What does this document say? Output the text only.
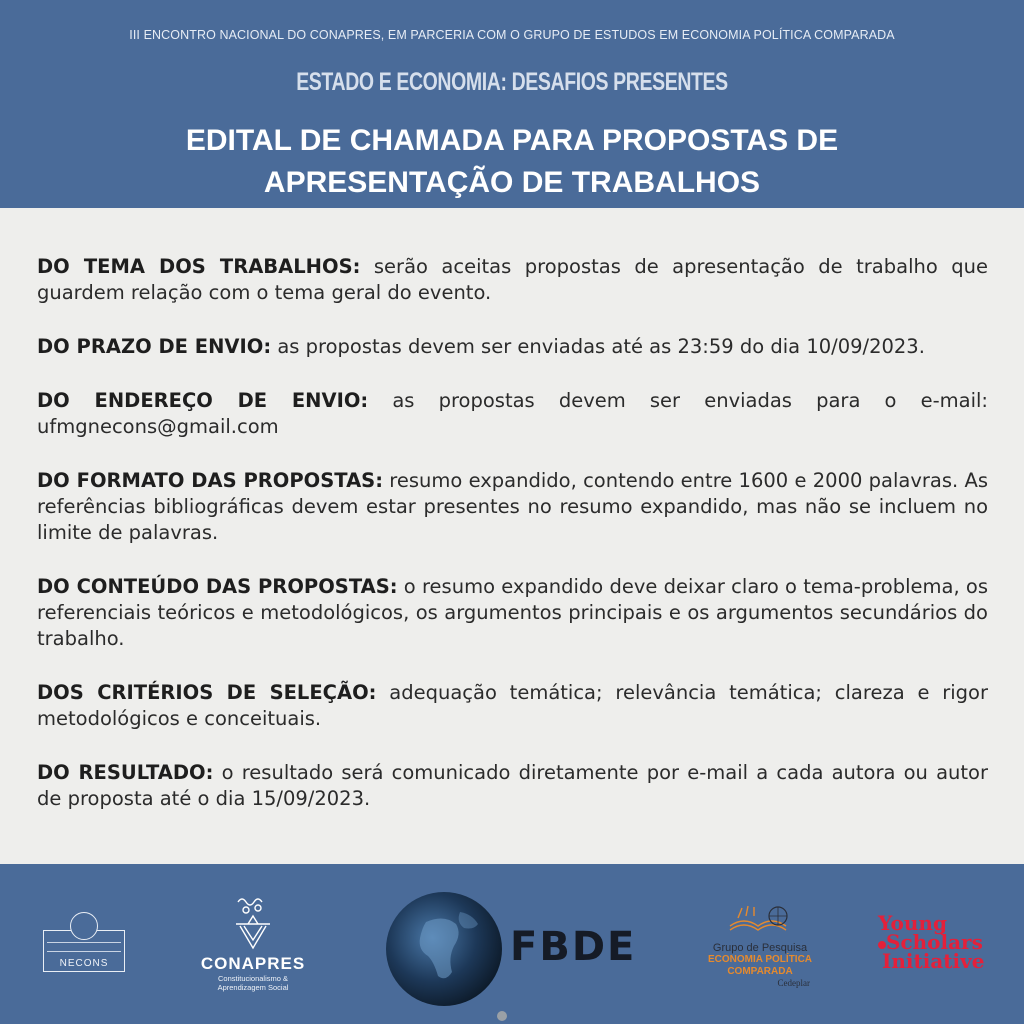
III ENCONTRO NACIONAL DO CONAPRES, EM PARCERIA COM O GRUPO DE ESTUDOS EM ECONOMIA POLÍTICA COMPARADA
ESTADO E ECONOMIA: DESAFIOS PRESENTES
EDITAL DE CHAMADA PARA PROPOSTAS DE
APRESENTAÇÃO DE TRABALHOS

DO TEMA DOS TRABALHOS: serão aceitas propostas de apresentação de trabalho que guardem relação com o tema geral do evento.

DO PRAZO DE ENVIO: as propostas devem ser enviadas até as 23:59 do dia 10/09/2023.

DO ENDEREÇO DE ENVIO: as propostas devem ser enviadas para o e-mail: ufmgnecons@gmail.com

DO FORMATO DAS PROPOSTAS: resumo expandido, contendo entre 1600 e 2000 palavras. As referências bibliográficas devem estar presentes no resumo expandido, mas não se incluem no limite de palavras.

DO CONTEÚDO DAS PROPOSTAS: o resumo expandido deve deixar claro o tema-problema, os referenciais teóricos e metodológicos, os argumentos principais e os argumentos secundários do trabalho.

DOS CRITÉRIOS DE SELEÇÃO: adequação temática; relevância temática; clareza e rigor metodológicos e conceituais.

DO RESULTADO: o resultado será comunicado diretamente por e-mail a cada autora ou autor de proposta até o dia 15/09/2023.

NECONS	CONAPRES
Constitucionalismo &
Aprendizagem Social
FBDE	Grupo de Pesquisa
ECONOMIA POLÍTICA
COMPARADA
Cedeplar
Young
Scholars
Initiative
